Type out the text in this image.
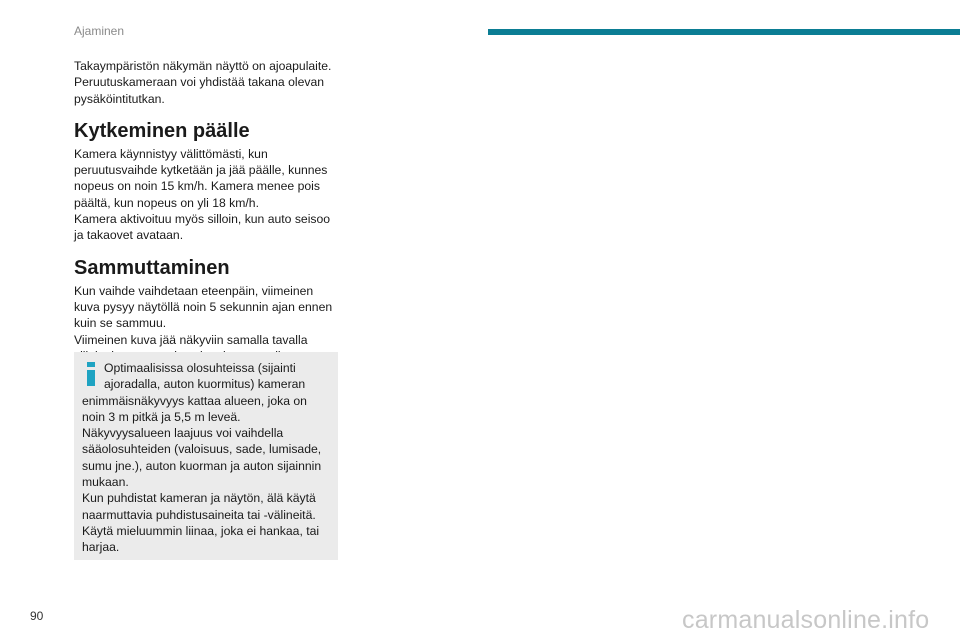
Ajaminen

Takaympäristön näkymän näyttö on ajoapulaite.
Peruutuskameraan voi yhdistää takana olevan
pysäköintitutkan.

Kytkeminen päälle

Kamera käynnistyy välittömästi, kun
peruutusvaihde kytketään ja jää päälle, kunnes
nopeus on noin 15 km/h. Kamera menee pois
päältä, kun nopeus on yli 18 km/h.
Kamera aktivoituu myös silloin, kun auto seisoo
ja takaovet avataan.

Sammuttaminen

Kun vaihde vaihdetaan eteenpäin, viimeinen
kuva pysyy näytöllä noin 5 sekunnin ajan ennen
kuin se sammuu.
Viimeinen kuva jää näkyviin samalla tavalla

Optimaalisissa olosuhteissa (sijainti
ajoradalla, auton kuormitus) kameran
enimmäisnäkyvyys kattaa alueen, joka on
noin 3 m pitkä ja 5,5 m leveä.
Näkyvyysalueen laajuus voi vaihdella
sääolosuhteiden (valoisuus, sade, lumisade,
sumu jne.), auton kuorman ja auton sijainnin
mukaan.
Kun puhdistat kameran ja näytön, älä käytä
naarmuttavia puhdistusaineita tai -välineitä.
Käytä mieluummin liinaa, joka ei hankaa, tai
harjaa.
90	carmanualsonline.info
